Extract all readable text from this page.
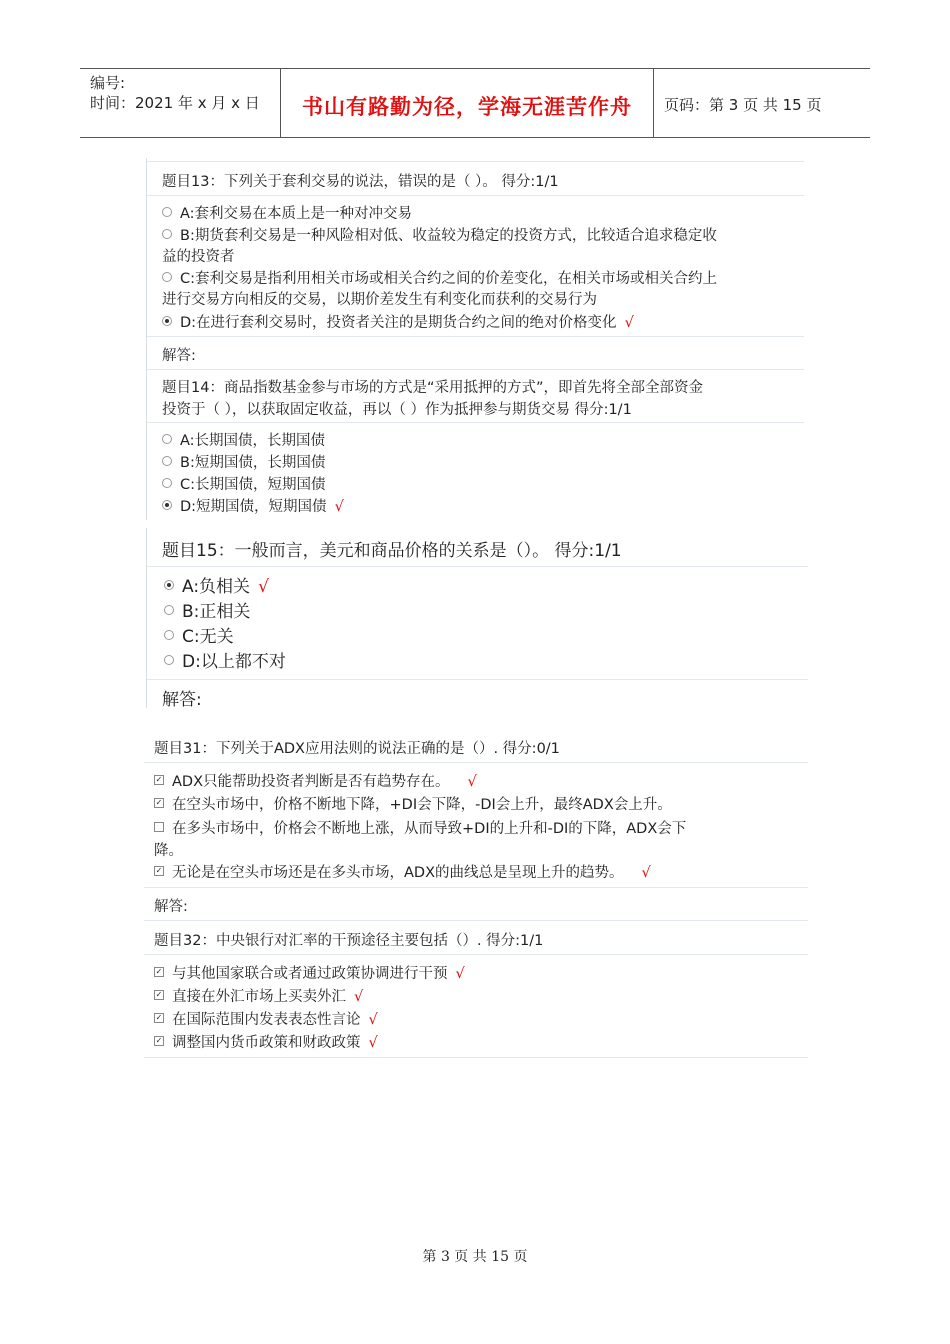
编号:
时间：2021 年 x 月 x 日	书山有路勤为径，学海无涯苦作舟	页码：第 3 页 共 15 页
题目13：下列关于套利交易的说法，错误的是（ ）。 得分:1/1
A:套利交易在本质上是一种对冲交易
B:期货套利交易是一种风险相对低、收益较为稳定的投资方式，比较适合追求稳定收
益的投资者
C:套利交易是指利用相关市场或相关合约之间的价差变化，在相关市场或相关合约上
进行交易方向相反的交易，以期价差发生有利变化而获利的交易行为
D:在进行套利交易时，投资者关注的是期货合约之间的绝对价格变化 √
解答:
题目14：商品指数基金参与市场的方式是“采用抵押的方式”，即首先将全部全部资金
投资于（ ），以获取固定收益，再以（ ）作为抵押参与期货交易 得分:1/1
A:长期国债，长期国债
B:短期国债，长期国债
C:长期国债，短期国债
D:短期国债，短期国债 √
题目15：一般而言，美元和商品价格的关系是（）。 得分:1/1
A:负相关 √
B:正相关
C:无关
D:以上都不对
解答:
题目31：下列关于ADX应用法则的说法正确的是（）. 得分:0/1
✓ ADX只能帮助投资者判断是否有趋势存在。 √
✓ 在空头市场中，价格不断地下降，+DI会下降，-DI会上升，最终ADX会上升。
在多头市场中，价格会不断地上涨，从而导致+DI的上升和-DI的下降，ADX会下
降。
✓ 无论是在空头市场还是在多头市场，ADX的曲线总是呈现上升的趋势。 √
解答:
题目32：中央银行对汇率的干预途径主要包括（）. 得分:1/1
✓ 与其他国家联合或者通过政策协调进行干预 √
✓ 直接在外汇市场上买卖外汇 √
✓ 在国际范围内发表表态性言论 √
✓ 调整国内货币政策和财政政策 √
第 3 页 共 15 页
